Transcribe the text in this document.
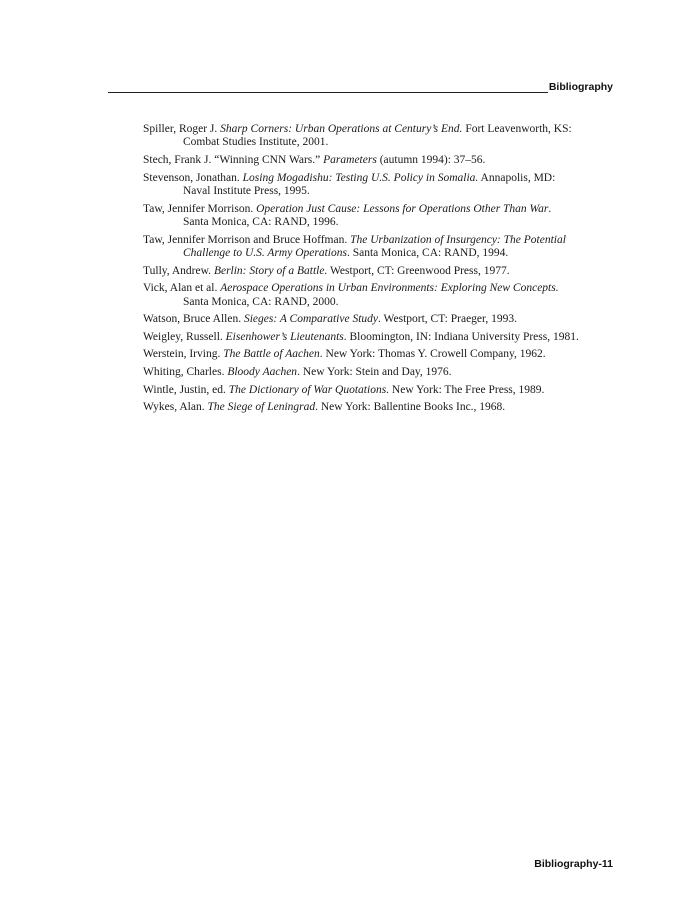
Bibliography

Spiller, Roger J. Sharp Corners: Urban Operations at Century’s End. Fort Leavenworth, KS: Combat Studies Institute, 2001.

Stech, Frank J. “Winning CNN Wars.” Parameters (autumn 1994): 37–56.

Stevenson, Jonathan. Losing Mogadishu: Testing U.S. Policy in Somalia. Annapolis, MD: Naval Institute Press, 1995.

Taw, Jennifer Morrison. Operation Just Cause: Lessons for Operations Other Than War. Santa Monica, CA: RAND, 1996.

Taw, Jennifer Morrison and Bruce Hoffman. The Urbanization of Insurgency: The Potential Challenge to U.S. Army Operations. Santa Monica, CA: RAND, 1994.

Tully, Andrew. Berlin: Story of a Battle. Westport, CT: Greenwood Press, 1977.

Vick, Alan et al. Aerospace Operations in Urban Environments: Exploring New Concepts. Santa Monica, CA: RAND, 2000.

Watson, Bruce Allen. Sieges: A Comparative Study. Westport, CT: Praeger, 1993.

Weigley, Russell. Eisenhower’s Lieutenants. Bloomington, IN: Indiana University Press, 1981.

Werstein, Irving. The Battle of Aachen. New York: Thomas Y. Crowell Company, 1962.

Whiting, Charles. Bloody Aachen. New York: Stein and Day, 1976.

Wintle, Justin, ed. The Dictionary of War Quotations. New York: The Free Press, 1989.

Wykes, Alan. The Siege of Leningrad. New York: Ballentine Books Inc., 1968.

Bibliography-11
